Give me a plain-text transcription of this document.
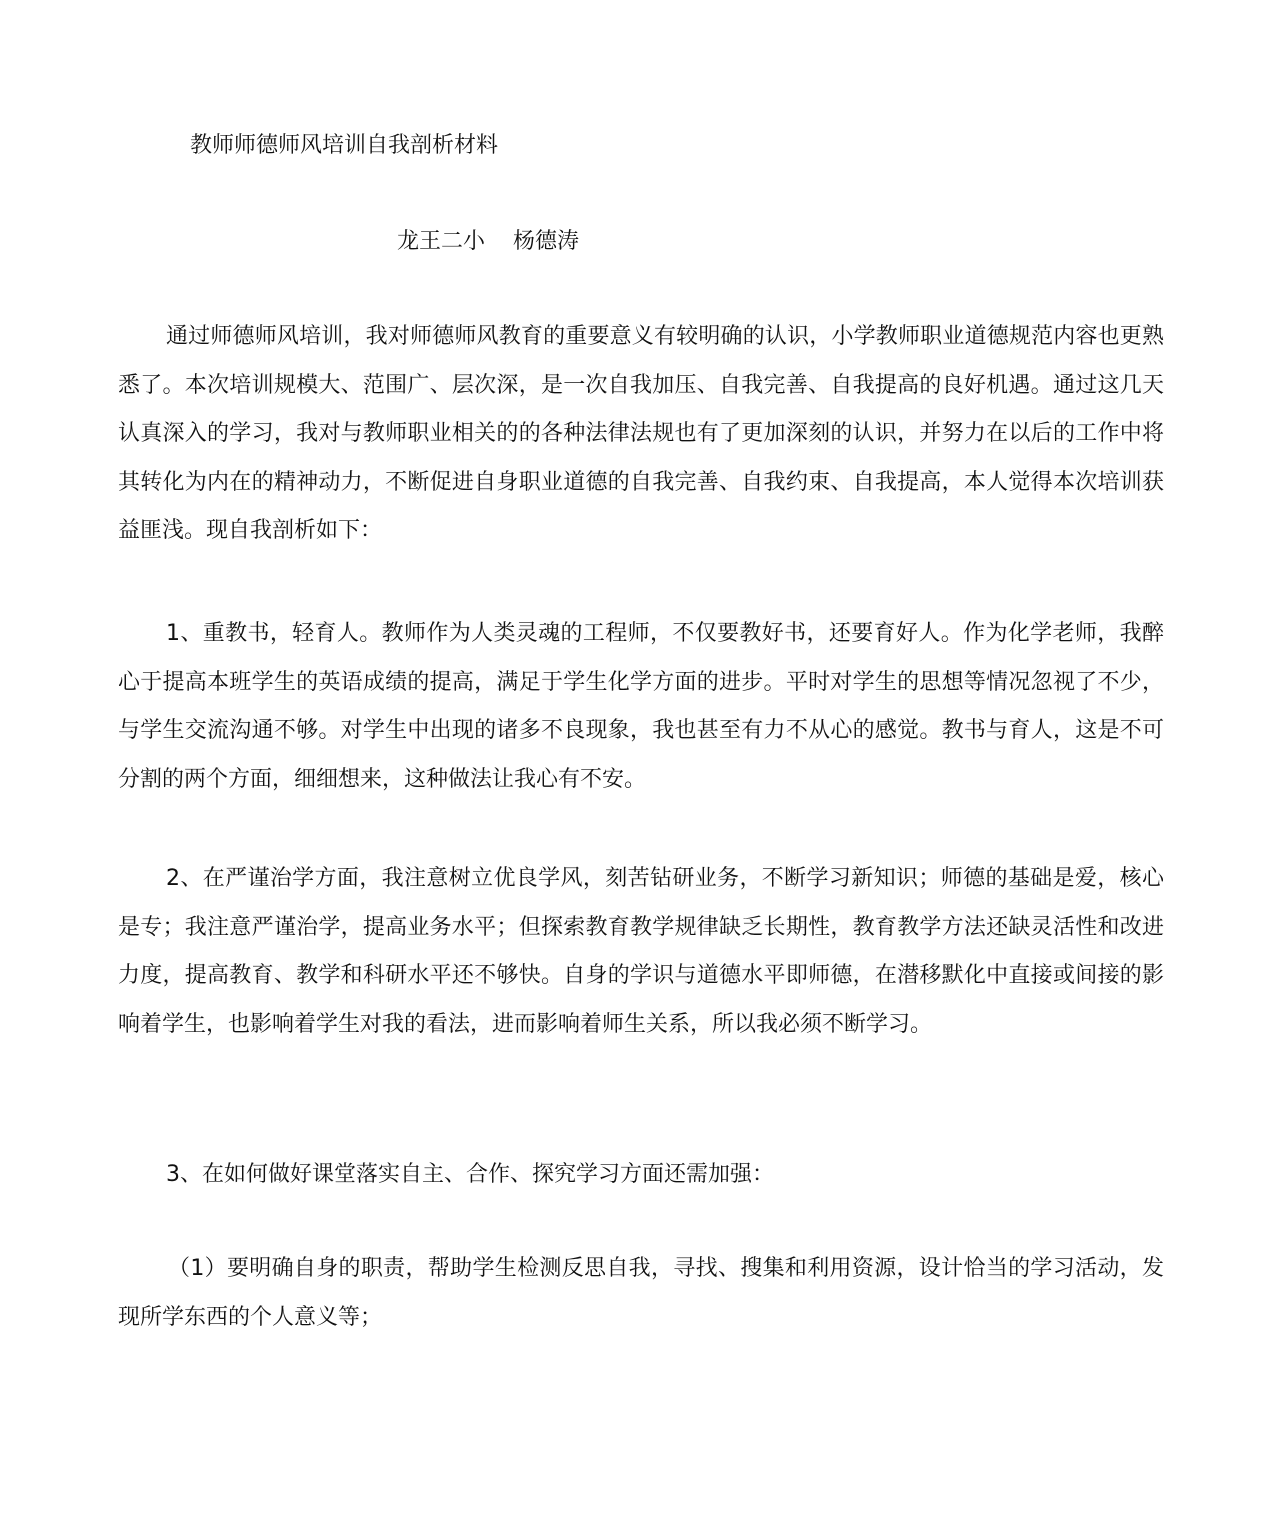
教师师德师风培训自我剖析材料
龙王二小    杨德涛

通过师德师风培训，我对师德师风教育的重要意义有较明确的认识，小学教师职业道德规范内容也更熟悉了。本次培训规模大、范围广、层次深，是一次自我加压、自我完善、自我提高的良好机遇。通过这几天认真深入的学习，我对与教师职业相关的的各种法律法规也有了更加深刻的认识，并努力在以后的工作中将其转化为内在的精神动力，不断促进自身职业道德的自我完善、自我约束、自我提高，本人觉得本次培训获益匪浅。现自我剖析如下：

1、重教书，轻育人。教师作为人类灵魂的工程师，不仅要教好书，还要育好人。作为化学老师，我醉心于提高本班学生的英语成绩的提高，满足于学生化学方面的进步。平时对学生的思想等情况忽视了不少，与学生交流沟通不够。对学生中出现的诸多不良现象，我也甚至有力不从心的感觉。教书与育人，这是不可分割的两个方面，细细想来，这种做法让我心有不安。

2、在严谨治学方面，我注意树立优良学风，刻苦钻研业务，不断学习新知识；师德的基础是爱，核心是专；我注意严谨治学，提高业务水平；但探索教育教学规律缺乏长期性，教育教学方法还缺灵活性和改进力度，提高教育、教学和科研水平还不够快。自身的学识与道德水平即师德，在潜移默化中直接或间接的影响着学生，也影响着学生对我的看法，进而影响着师生关系，所以我必须不断学习。

3、在如何做好课堂落实自主、合作、探究学习方面还需加强：

（1）要明确自身的职责，帮助学生检测反思自我，寻找、搜集和利用资源，设计恰当的学习活动，发现所学东西的个人意义等；
